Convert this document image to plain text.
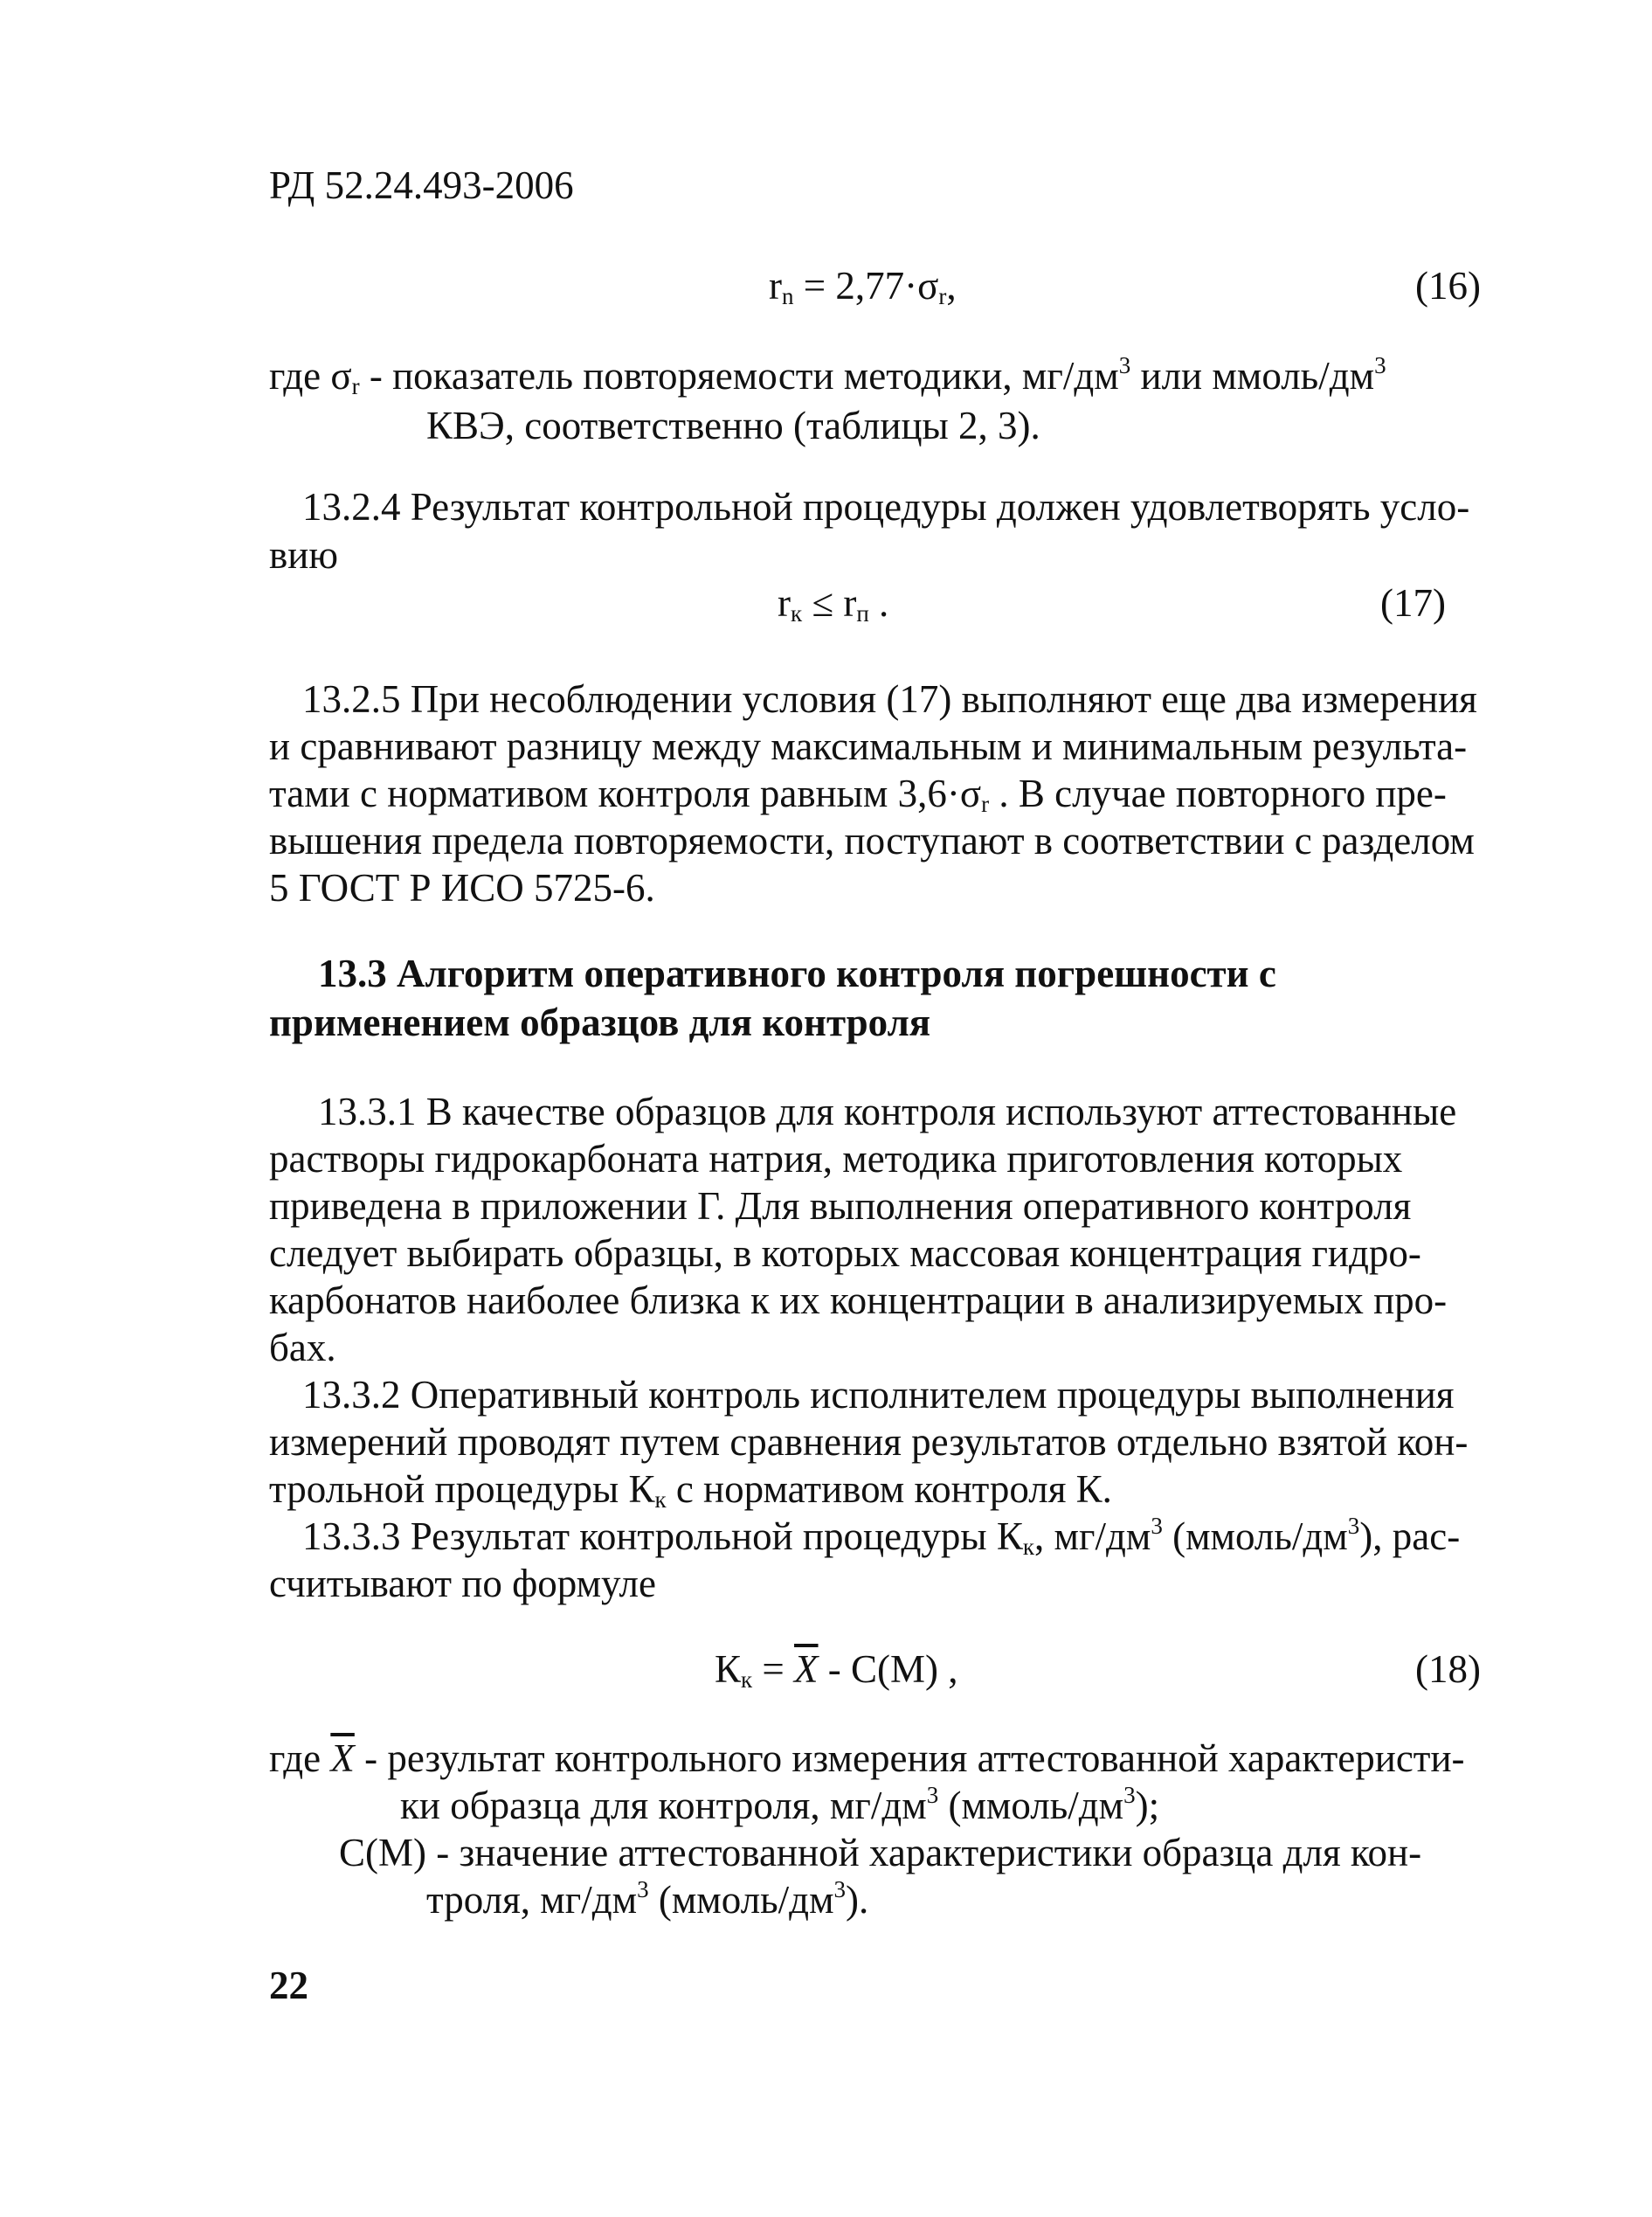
РД 52.24.493-2006
$r_n = 2,77\cdot\sigma_r$,	(16)
где $\sigma_r$ - показатель повторяемости методики, $мг/дм^3$ или ммоль/$дм^3$
КВЭ, соответственно (таблицы 2, 3).
13.2.4 Результат контрольной процедуры должен удовлетворять усло-
вию
$r_к \le r_п$ .	(17)
13.2.5 При несоблюдении условия (17) выполняют еще два измерения
и сравнивают разницу между максимальным и минимальным результа-
тами с нормативом контроля равным $3,6\cdot\sigma_r$ . В случае повторного пре-
вышения предела повторяемости, поступают в соответствии с разделом
5 ГОСТ Р ИСО 5725-6.
13.3 Алгоритм оперативного контроля погрешности с
применением образцов для контроля
13.3.1 В качестве образцов для контроля используют аттестованные
растворы гидрокарбоната натрия, методика приготовления которых
приведена в приложении Г. Для выполнения оперативного контроля
следует выбирать образцы, в которых массовая концентрация гидро-
карбонатов наиболее близка к их концентрации в анализируемых про-
бах.
13.3.2 Оперативный контроль исполнителем процедуры выполнения
измерений проводят путем сравнения результатов отдельно взятой кон-
трольной процедуры $К_к$ с нормативом контроля К.
13.3.3 Результат контрольной процедуры $К_к$, $мг/дм^3$ $(ммоль/дм^3)$, рас-
считывают по формуле
$К_к = \overline{X} - С(М)$ ,	(18)
где $\overline{X}$ - результат контрольного измерения аттестованной характеристи-
ки образца для контроля, $мг/дм^3$ $(ммоль/дм^3)$;
С(М) - значение аттестованной характеристики образца для кон-
троля, $мг/дм^3$ $(ммоль/дм^3)$.
22
